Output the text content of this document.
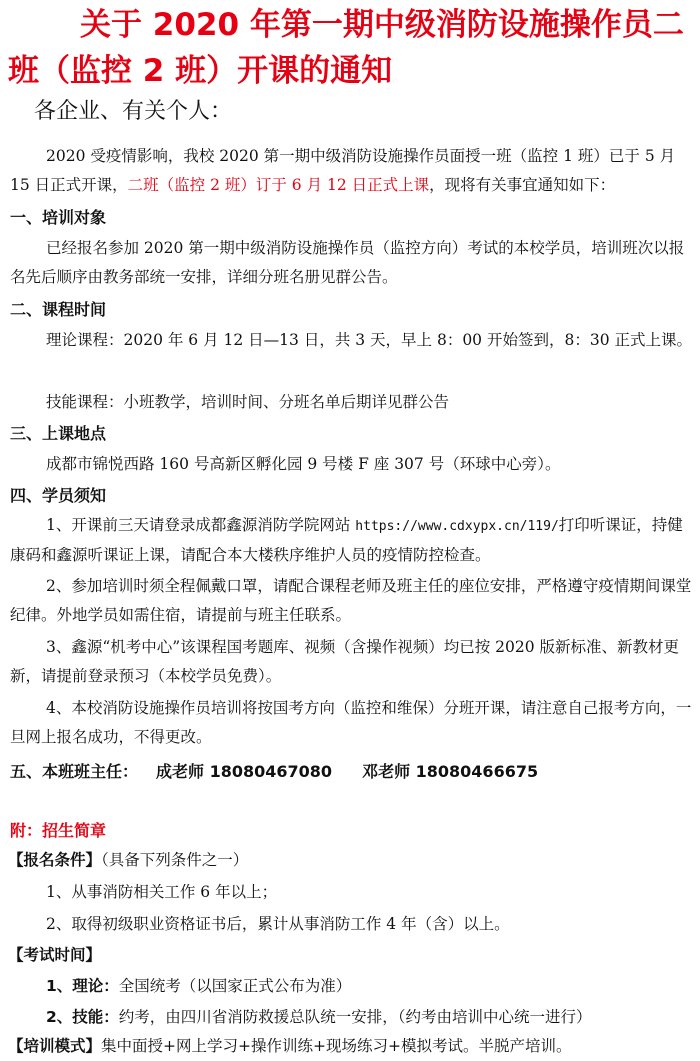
关于 2020 年第一期中级消防设施操作员二班（监控 2 班）开课的通知

各企业、有关个人：

2020 受疫情影响，我校 2020 第一期中级消防设施操作员面授一班（监控 1 班）已于 5 月 15 日正式开课，二班（监控 2 班）订于 6 月 12 日正式上课，现将有关事宜通知如下：

一、培训对象

已经报名参加 2020 第一期中级消防设施操作员（监控方向）考试的本校学员，培训班次以报名先后顺序由教务部统一安排，详细分班名册见群公告。

二、课程时间

理论课程：2020 年 6 月 12 日—13 日，共 3 天，早上 8：00 开始签到，8：30 正式上课。

技能课程：小班教学，培训时间、分班名单后期详见群公告

三、上课地点

成都市锦悦西路 160 号高新区孵化园 9 号楼 F 座 307 号（环球中心旁）。

四、学员须知

1、开课前三天请登录成都鑫源消防学院网站 https://www.cdxypx.cn/119/打印听课证，持健康码和鑫源听课证上课，请配合本大楼秩序维护人员的疫情防控检查。

2、参加培训时须全程佩戴口罩，请配合课程老师及班主任的座位安排，严格遵守疫情期间课堂纪律。外地学员如需住宿，请提前与班主任联系。

3、鑫源“机考中心”该课程国考题库、视频（含操作视频）均已按 2020 版新标准、新教材更新，请提前登录预习（本校学员免费）。

4、本校消防设施操作员培训将按国考方向（监控和维保）分班开课，请注意自己报考方向，一旦网上报名成功，不得更改。

五、本班班主任： 成老师 18080467080 邓老师 18080466675

附：招生简章

【报名条件】（具备下列条件之一）

1、从事消防相关工作 6 年以上；

2、取得初级职业资格证书后，累计从事消防工作 4 年（含）以上。

【考试时间】

1、理论：全国统考（以国家正式公布为准）

2、技能：约考，由四川省消防救援总队统一安排，（约考由培训中心统一进行）

【培训模式】集中面授+网上学习+操作训练+现场练习+模拟考试。半脱产培训。
